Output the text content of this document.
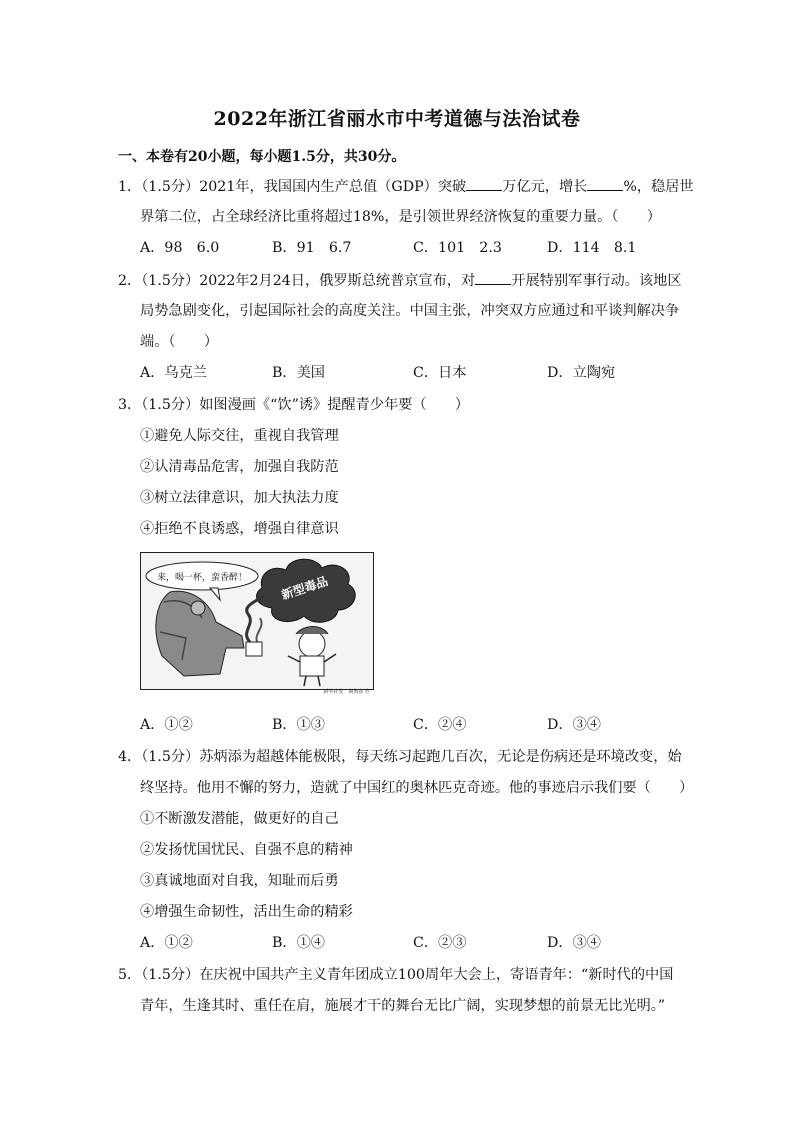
2022年浙江省丽水市中考道德与法治试卷
一、本卷有20小题，每小题1.5分，共30分。
1．（1.5分）2021年，我国国内生产总值（GDP）突破	万亿元，增长	%，稳居世
界第二位，占全球经济比重将超过18%，是引领世界经济恢复的重要力量。（　　）
A．98　6.0	B．91　6.7	C．101　2.3	D．114　8.1
2．（1.5分）2022年2月24日，俄罗斯总统普京宣布，对	开展特别军事行动。该地区
局势急剧变化，引起国际社会的高度关注。中国主张，冲突双方应通过和平谈判解决争
端。（　　）
A．乌克兰	B．美国	C．日本	D．立陶宛
3．（1.5分）如图漫画《“饮”诱》提醒青少年要（　　）
①避免人际交往，重视自我管理
②认清毒品危害，加强自我防范
③树立法律意识，加大执法力度
④拒绝不良诱惑，增强自律意识
来，喝一杯，蛮香醉！	新型毒品
新华社发　商海春 作
A．①②	B．①③	C．②④	D．③④
4．（1.5分）苏炳添为超越体能极限，每天练习起跑几百次，无论是伤病还是环境改变，始
终坚持。他用不懈的努力，造就了中国红的奥林匹克奇迹。他的事迹启示我们要（　　）
①不断激发潜能，做更好的自己
②发扬忧国忧民、自强不息的精神
③真诚地面对自我，知耻而后勇
④增强生命韧性，活出生命的精彩
A．①②	B．①④	C．②③	D．③④
5．（1.5分）在庆祝中国共产主义青年团成立100周年大会上，寄语青年：“新时代的中国
青年，生逢其时、重任在肩，施展才干的舞台无比广阔，实现梦想的前景无比光明。”
